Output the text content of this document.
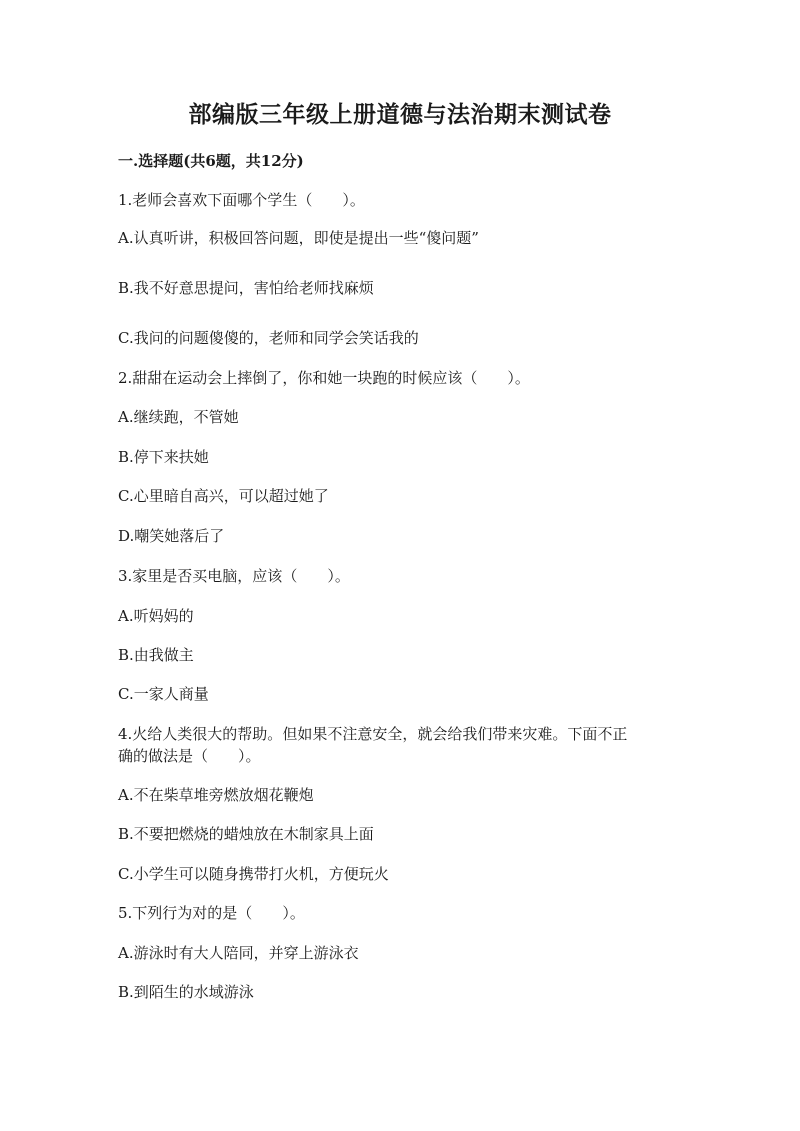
部编版三年级上册道德与法治期末测试卷
一.选择题(共6题，共12分)
1.老师会喜欢下面哪个学生（　　）。
A.认真听讲，积极回答问题，即使是提出一些“傻问题”
B.我不好意思提问，害怕给老师找麻烦
C.我问的问题傻傻的，老师和同学会笑话我的
2.甜甜在运动会上摔倒了，你和她一块跑的时候应该（　　）。
A.继续跑，不管她
B.停下来扶她
C.心里暗自高兴，可以超过她了
D.嘲笑她落后了
3.家里是否买电脑，应该（　　）。
A.听妈妈的
B.由我做主
C.一家人商量
4.火给人类很大的帮助。但如果不注意安全，就会给我们带来灾难。下面不正
确的做法是（　　）。
A.不在柴草堆旁燃放烟花鞭炮
B.不要把燃烧的蜡烛放在木制家具上面
C.小学生可以随身携带打火机，方便玩火
5.下列行为对的是（　　）。
A.游泳时有大人陪同，并穿上游泳衣
B.到陌生的水域游泳
